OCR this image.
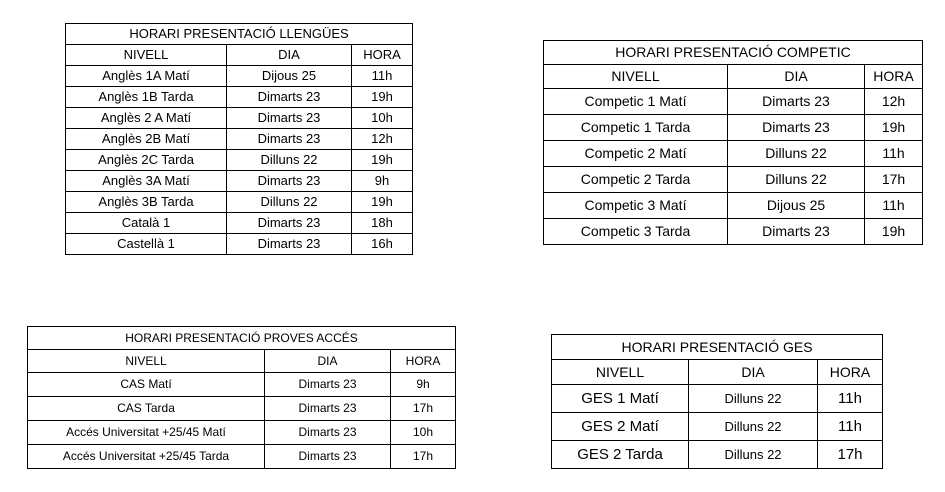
HORARI PRESENTACIÓ LLENGÜES		
NIVELL	DIA	HORA
Anglès 1A Matí	Dijous 25	11h
Anglès 1B Tarda	Dimarts 23	19h
Anglès 2 A Matí	Dimarts 23	10h
Anglès 2B Matí	Dimarts 23	12h
Anglès 2C Tarda	Dilluns 22	19h
Anglès 3A Matí	Dimarts 23	9h
Anglès 3B Tarda	Dilluns 22	19h
Català 1	Dimarts 23	18h
Castellà 1	Dimarts 23	16h
HORARI PRESENTACIÓ COMPETIC		
NIVELL	DIA	HORA
Competic 1 Matí	Dimarts 23	12h
Competic 1 Tarda	Dimarts 23	19h
Competic 2 Matí	Dilluns 22	11h
Competic 2 Tarda	Dilluns 22	17h
Competic 3 Matí	Dijous 25	11h
Competic 3 Tarda	Dimarts 23	19h
HORARI PRESENTACIÓ PROVES ACCÉS		
NIVELL	DIA	HORA
CAS Matí	Dimarts 23	9h
CAS Tarda	Dimarts 23	17h
Accés Universitat +25/45 Matí	Dimarts 23	10h
Accés Universitat +25/45 Tarda	Dimarts 23	17h
HORARI PRESENTACIÓ GES		
NIVELL	DIA	HORA
GES 1 Matí	Dilluns 22	11h
GES 2 Matí	Dilluns 22	11h
GES 2 Tarda	Dilluns 22	17h
